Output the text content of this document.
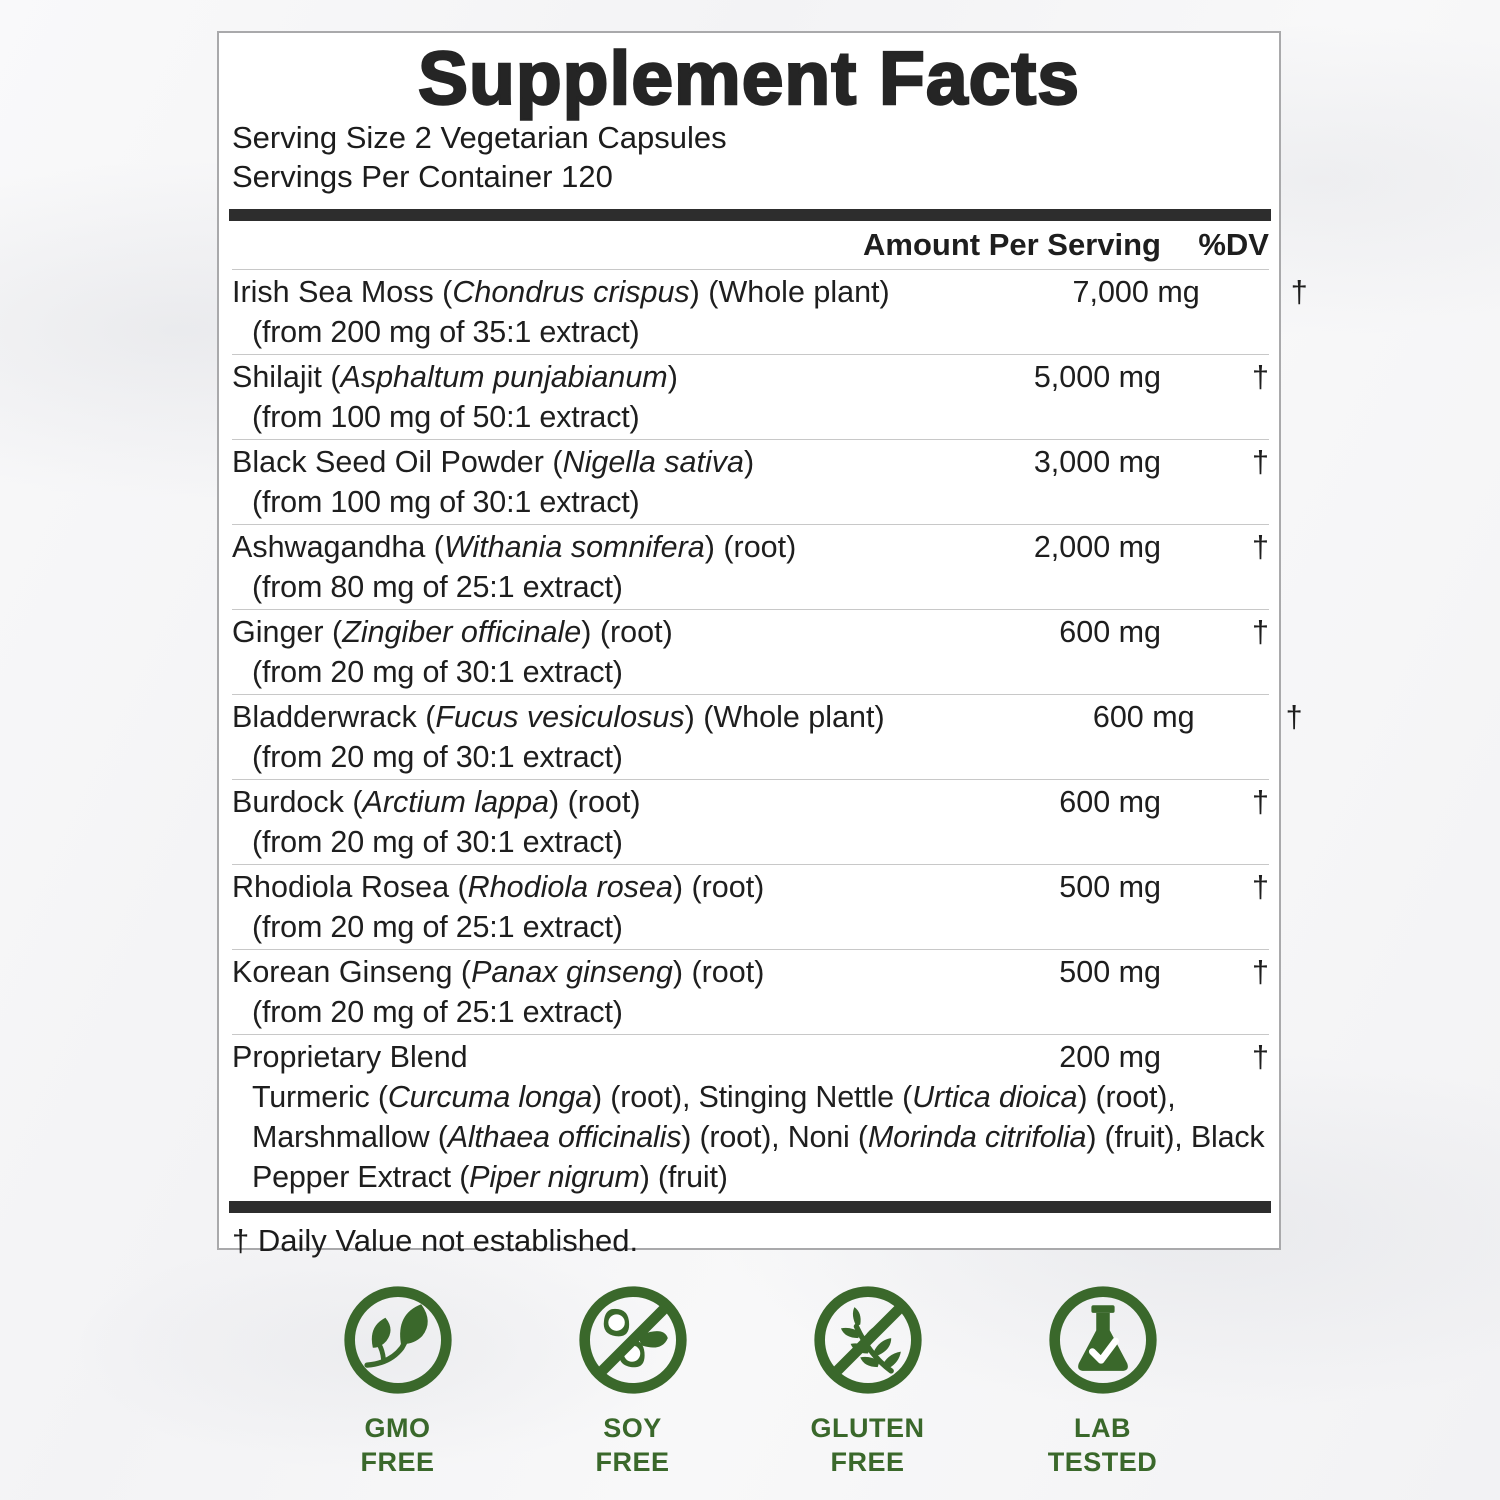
Supplement Facts
Serving Size 2 Vegetarian Capsules
Servings Per Container 120
Amount Per Serving	%DV
Irish Sea Moss (Chondrus crispus) (Whole plant)	7,000 mg	†
(from 200 mg of 35:1 extract)
Shilajit (Asphaltum punjabianum)	5,000 mg	†
(from 100 mg of 50:1 extract)
Black Seed Oil Powder (Nigella sativa)	3,000 mg	†
(from 100 mg of 30:1 extract)
Ashwagandha (Withania somnifera) (root)	2,000 mg	†
(from 80 mg of 25:1 extract)
Ginger (Zingiber officinale) (root)	600 mg	†
(from 20 mg of 30:1 extract)
Bladderwrack (Fucus vesiculosus) (Whole plant)	600 mg	†
(from 20 mg of 30:1 extract)
Burdock (Arctium lappa) (root)	600 mg	†
(from 20 mg of 30:1 extract)
Rhodiola Rosea (Rhodiola rosea) (root)	500 mg	†
(from 20 mg of 25:1 extract)
Korean Ginseng (Panax ginseng) (root)	500 mg	†
(from 20 mg of 25:1 extract)
Proprietary Blend	200 mg	†
Turmeric (Curcuma longa) (root), Stinging Nettle (Urtica dioica) (root), Marshmallow (Althaea officinalis) (root), Noni (Morinda citrifolia) (fruit), Black Pepper Extract (Piper nigrum) (fruit)
† Daily Value not established.
GMO
FREE
SOY
FREE
GLUTEN
FREE
LAB
TESTED
